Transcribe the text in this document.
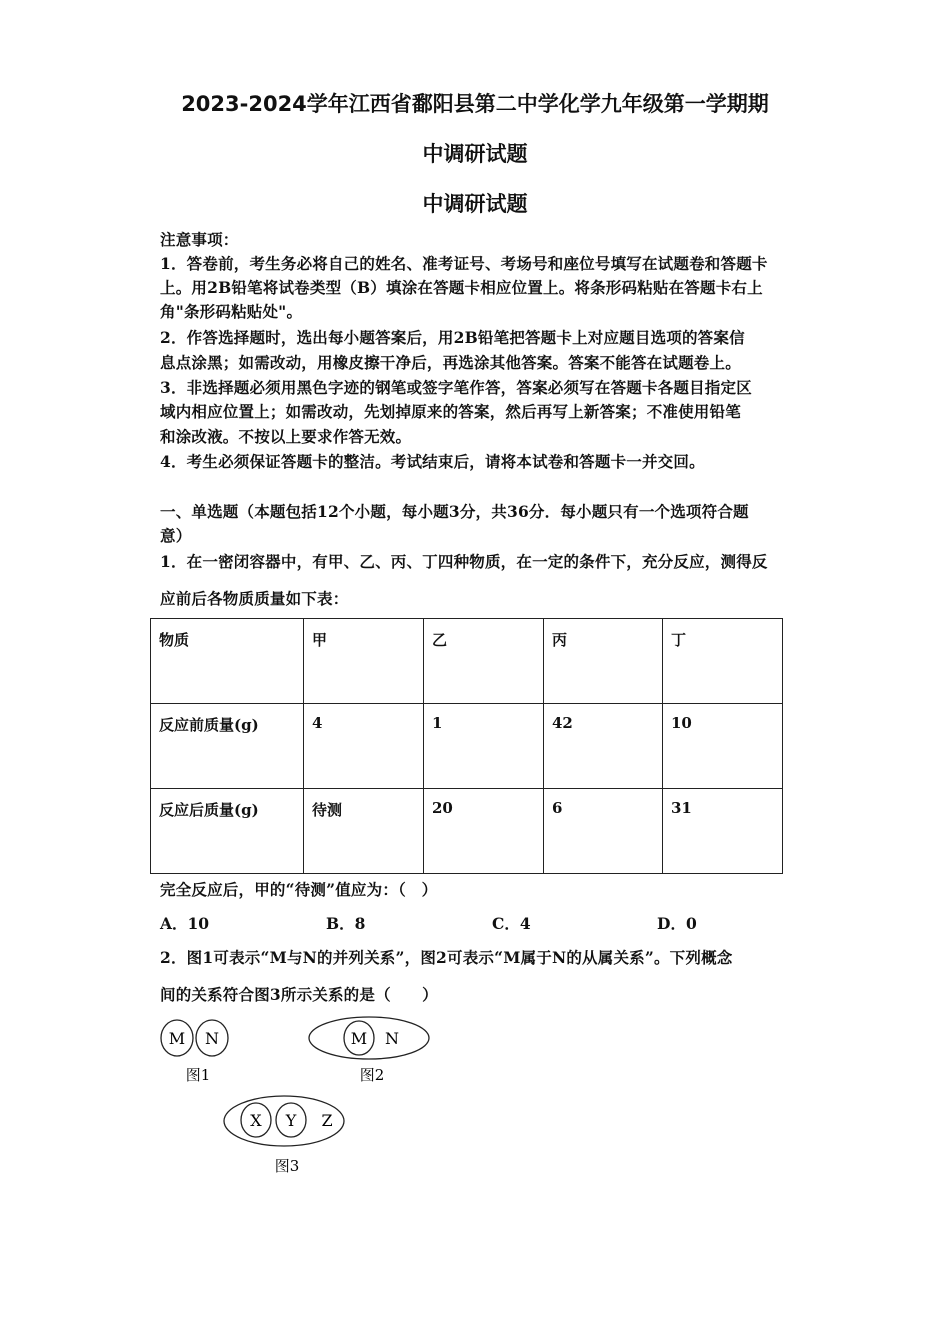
2023-2024学年江西省鄱阳县第二中学化学九年级第一学期期
中调研试题
中调研试题
注意事项：
1．答卷前，考生务必将自己的姓名、准考证号、考场号和座位号填写在试题卷和答题卡
上。用2B铅笔将试卷类型（B）填涂在答题卡相应位置上。将条形码粘贴在答题卡右上
角"条形码粘贴处"。
2．作答选择题时，选出每小题答案后，用2B铅笔把答题卡上对应题目选项的答案信
息点涂黑；如需改动，用橡皮擦干净后，再选涂其他答案。答案不能答在试题卷上。
3．非选择题必须用黑色字迹的钢笔或签字笔作答，答案必须写在答题卡各题目指定区
域内相应位置上；如需改动，先划掉原来的答案，然后再写上新答案；不准使用铅笔
和涂改液。不按以上要求作答无效。
4．考生必须保证答题卡的整洁。考试结束后，请将本试卷和答题卡一并交回。
一、单选题（本题包括12个小题，每小题3分，共36分．每小题只有一个选项符合题
意）
1．在一密闭容器中，有甲、乙、丙、丁四种物质，在一定的条件下，充分反应，测得反
应前后各物质质量如下表：
物质	甲	乙	丙	丁
反应前质量(g)	4	1	42	10
反应后质量(g)	待测	20	6	31
完全反应后，甲的“待测”值应为：（　）
A．10	B．8	C．4	D．0
2．图1可表示“M与N的并列关系”，图2可表示“M属于N的从属关系”。下列概念
间的关系符合图3所示关系的是（　　）
M N
图1
M N
图2
X Y Z
图3
